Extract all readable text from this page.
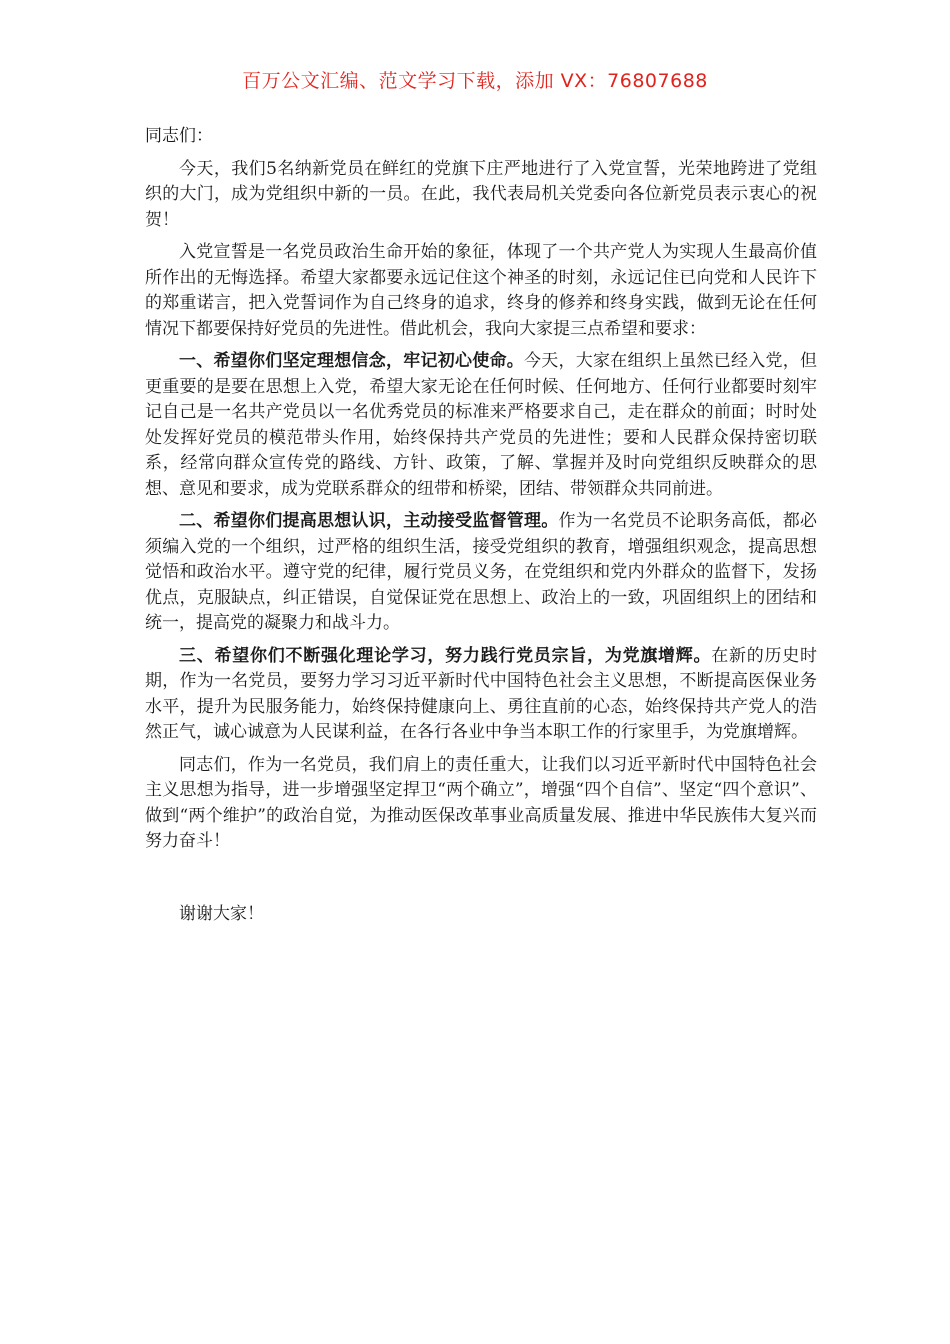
百万公文汇编、范文学习下载，添加 VX：76807688

同志们：

今天，我们5名纳新党员在鲜红的党旗下庄严地进行了入党宣誓，光荣地跨进了党组织的大门，成为党组织中新的一员。在此，我代表局机关党委向各位新党员表示衷心的祝贺！

入党宣誓是一名党员政治生命开始的象征，体现了一个共产党人为实现人生最高价值所作出的无悔选择。希望大家都要永远记住这个神圣的时刻，永远记住已向党和人民许下的郑重诺言，把入党誓词作为自己终身的追求，终身的修养和终身实践，做到无论在任何情况下都要保持好党员的先进性。借此机会，我向大家提三点希望和要求：

一、希望你们坚定理想信念，牢记初心使命。今天，大家在组织上虽然已经入党，但更重要的是要在思想上入党，希望大家无论在任何时候、任何地方、任何行业都要时刻牢记自己是一名共产党员以一名优秀党员的标准来严格要求自己，走在群众的前面；时时处处发挥好党员的模范带头作用，始终保持共产党员的先进性；要和人民群众保持密切联系，经常向群众宣传党的路线、方针、政策，了解、掌握并及时向党组织反映群众的思想、意见和要求，成为党联系群众的纽带和桥梁，团结、带领群众共同前进。

二、希望你们提高思想认识，主动接受监督管理。作为一名党员不论职务高低，都必须编入党的一个组织，过严格的组织生活，接受党组织的教育，增强组织观念，提高思想觉悟和政治水平。遵守党的纪律，履行党员义务，在党组织和党内外群众的监督下，发扬优点，克服缺点，纠正错误，自觉保证党在思想上、政治上的一致，巩固组织上的团结和统一，提高党的凝聚力和战斗力。

三、希望你们不断强化理论学习，努力践行党员宗旨，为党旗增辉。在新的历史时期，作为一名党员，要努力学习习近平新时代中国特色社会主义思想，不断提高医保业务水平，提升为民服务能力，始终保持健康向上、勇往直前的心态，始终保持共产党人的浩然正气，诚心诚意为人民谋利益，在各行各业中争当本职工作的行家里手，为党旗增辉。

同志们，作为一名党员，我们肩上的责任重大，让我们以习近平新时代中国特色社会主义思想为指导，进一步增强坚定捍卫“两个确立”，增强“四个自信”、坚定“四个意识”、做到“两个维护”的政治自觉，为推动医保改革事业高质量发展、推进中华民族伟大复兴而努力奋斗！

谢谢大家！
